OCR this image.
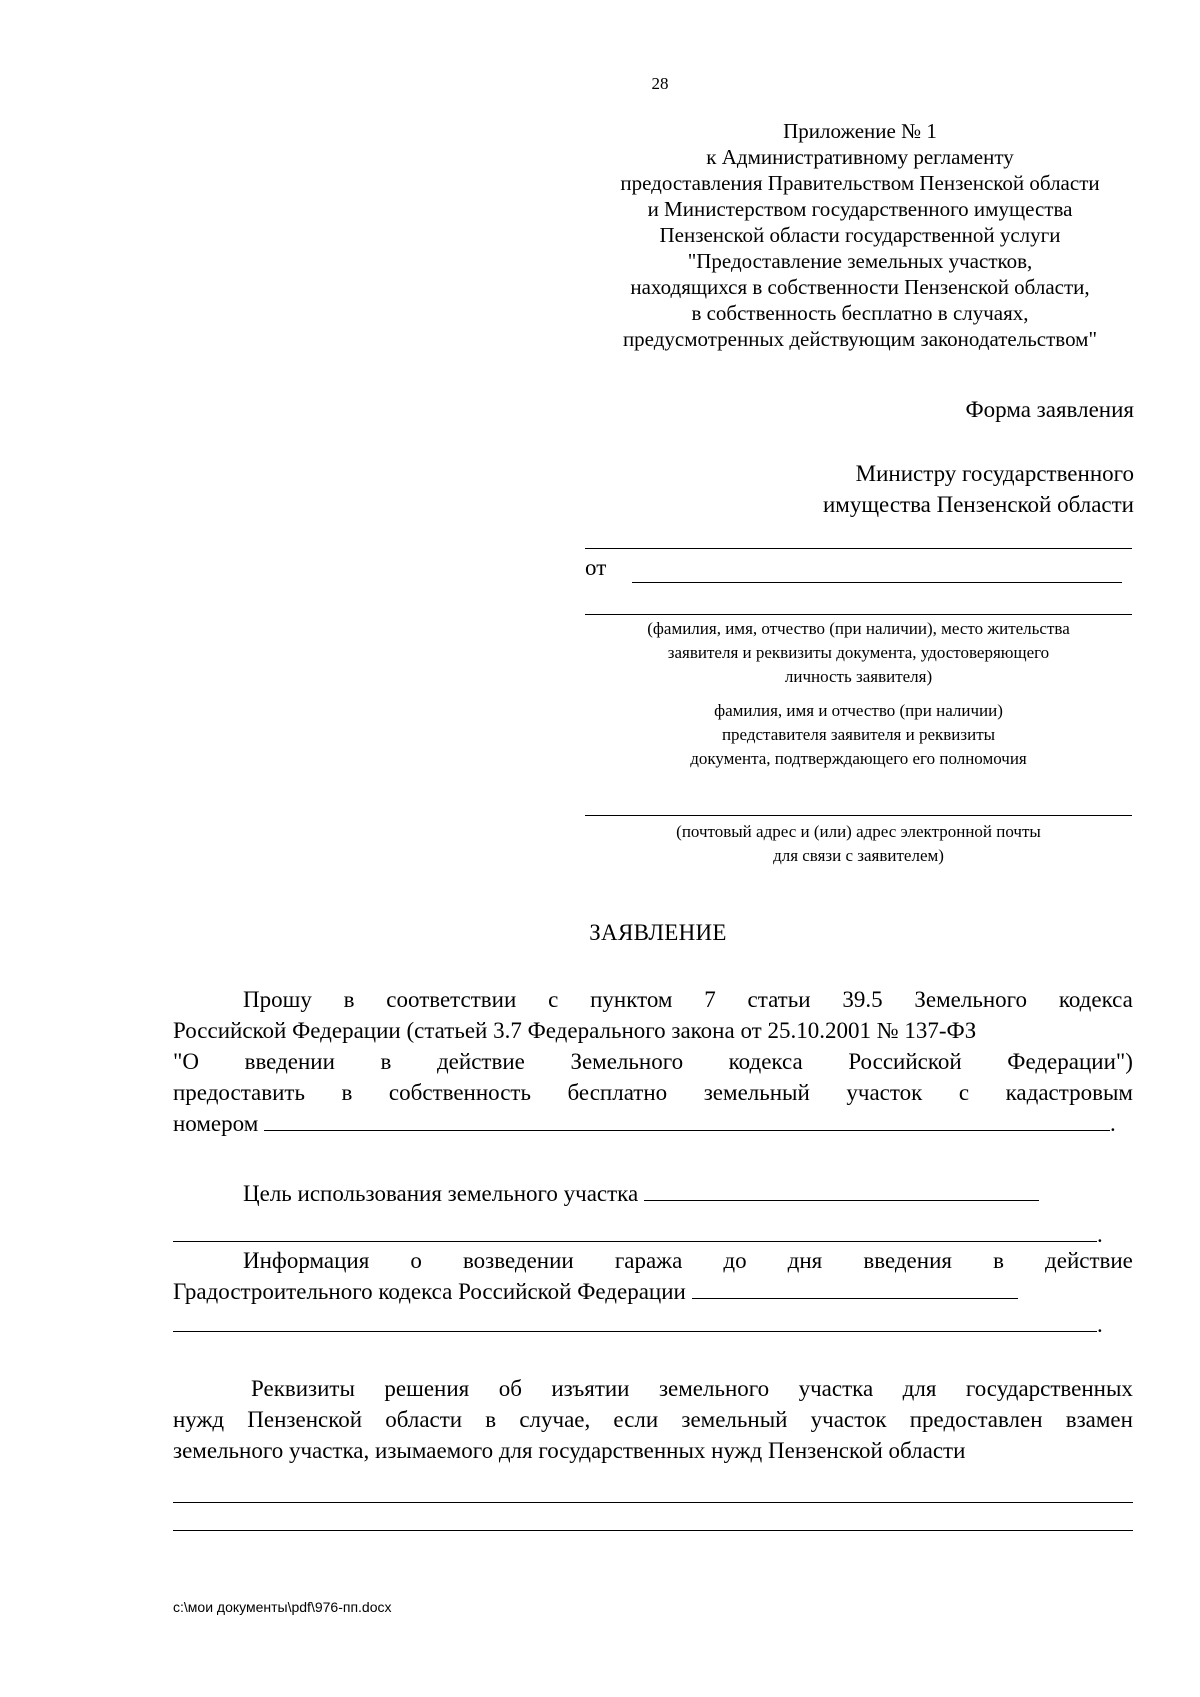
28
Приложение № 1
к Административному регламенту
предоставления Правительством Пензенской области
и Министерством государственного имущества
Пензенской области государственной услуги
"Предоставление земельных участков,
находящихся в собственности Пензенской области,
в собственность бесплатно в случаях,
предусмотренных действующим законодательством"
Форма заявления
Министру государственного
имущества Пензенской области
от
(фамилия, имя, отчество (при наличии), место жительства
заявителя и реквизиты документа, удостоверяющего
личность заявителя)
фамилия, имя и отчество (при наличии)
представителя заявителя и реквизиты
документа, подтверждающего его полномочия
(почтовый адрес и (или) адрес электронной почты
для связи с заявителем)
ЗАЯВЛЕНИЕ
Прошу в соответствии с пунктом 7 статьи 39.5 Земельного кодекса
Российской Федерации (статьей 3.7 Федерального закона от 25.10.2001 № 137-ФЗ
"О введении в действие Земельного кодекса Российской Федерации")
предоставить в собственность бесплатно земельный участок с кадастровым
номером	.
Цель использования земельного участка
.
Информация о возведении гаража до дня введения в действие
Градостроительного кодекса Российской Федерации
.
Реквизиты решения об изъятии земельного участка для государственных
нужд Пензенской области в случае, если земельный участок предоставлен взамен
земельного участка, изымаемого для государственных нужд Пензенской области
c:\мои документы\pdf\976-пп.docx
